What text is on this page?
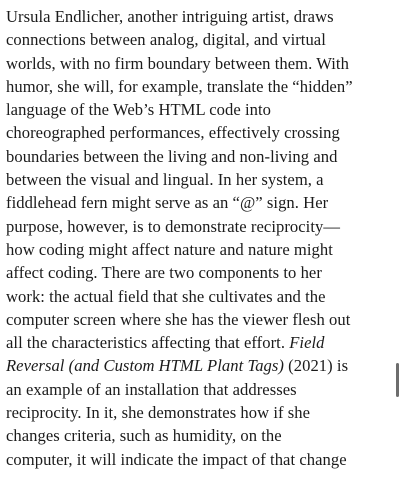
Ursula Endlicher, another intriguing artist, draws
connections between analog, digital, and virtual
worlds, with no firm boundary between them. With
humor, she will, for example, translate the “hidden”
language of the Web’s HTML code into
choreographed performances, effectively crossing
boundaries between the living and non-living and
between the visual and lingual. In her system, a
fiddlehead fern might serve as an “@” sign. Her
purpose, however, is to demonstrate reciprocity—
how coding might affect nature and nature might
affect coding. There are two components to her
work: the actual field that she cultivates and the
computer screen where she has the viewer flesh out
all the characteristics affecting that effort. Field
Reversal (and Custom HTML Plant Tags) (2021) is
an example of an installation that addresses
reciprocity. In it, she demonstrates how if she
changes criteria, such as humidity, on the
computer, it will indicate the impact of that change
